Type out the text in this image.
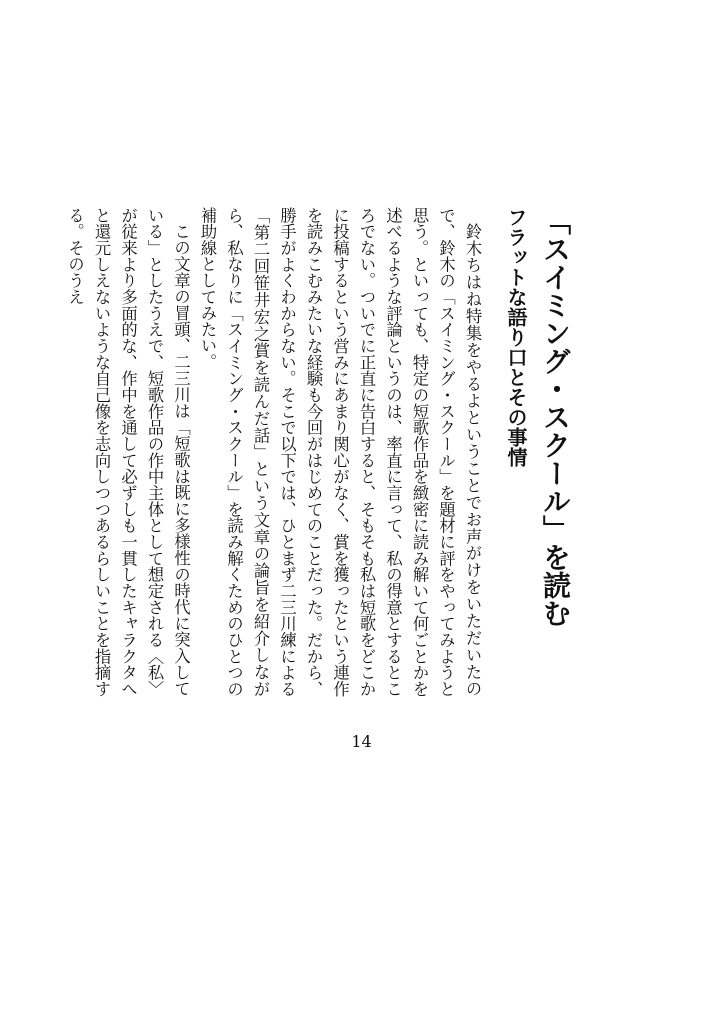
「スイミング・スクール」を読む
フラットな語り口とその事情

鈴木ちはね特集をやるよということでお声がけをいただいたので、鈴木の「スイミング・スクール」を題材に評をやってみようと思う。といっても、特定の短歌作品を緻密に読み解いて何ごとかを述べるような評論というのは、率直に言って、私の得意とするところでない。ついでに正直に告白すると、そもそも私は短歌をどこかに投稿するという営みにあまり関心がなく、賞を獲ったという連作を読みこむみたいな経験も今回がはじめてのことだった。だから、勝手がよくわからない。そこで以下では、ひとまず二三川練による「第二回笹井宏之賞を読んだ話」という文章の論旨を紹介しながら、私なりに「スイミング・スクール」を読み解くためのひとつの補助線としてみたい。

この文章の冒頭、二三川は「短歌は既に多様性の時代に突入している」としたうえで、短歌作品の作中主体として想定される〈私〉が従来より多面的な、作中を通して必ずしも一貫したキャラクタへと還元しえないような自己像を志向しつつあるらしいことを指摘する。そのうえ

14
